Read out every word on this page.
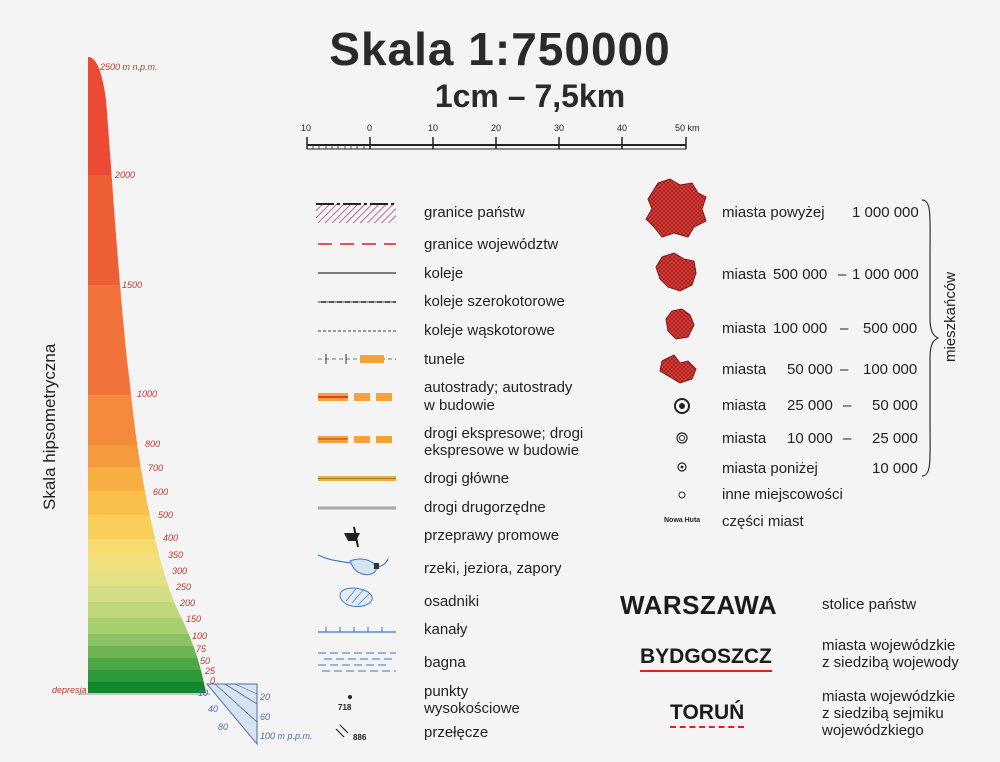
Skala 1:750000
1cm – 7,5km
10	0	10	20	30	40	50 km
Skala hipsometryczna
2500 m n.p.m.
2000
1500
1000
800
700
600
500
400
350
300
250
200
150
100
75
50
25
0
depresja	10
40
80
20
60
100 m p.p.m.
718
886
granice państw
granice województw
koleje
koleje szerokotorowe
koleje wąskotorowe
tunele
autostrady; autostrady
w budowie
drogi ekspresowe; drogi
ekspresowe w budowie
drogi główne
drogi drugorzędne
przeprawy promowe
rzeki, jeziora, zapory
osadniki
kanały
bagna
punkty
wysokościowe
przełęcze
miasta powyżej 1 000 000
miasta 500 000 – 1 000 000
miasta 100 000 – 500 000
miasta 50 000 – 100 000
miasta 25 000 – 50 000
miasta 10 000 – 25 000
miasta poniżej	10 000
inne miejscowości
Nowa Huta części miast
mieszkańców
WARSZAWA	stolice państw
BYDGOSZCZ	miasta wojewódzkie
z siedzibą wojewody
TORUŃ
miasta wojewódzkie
z siedzibą sejmiku
wojewódzkiego
